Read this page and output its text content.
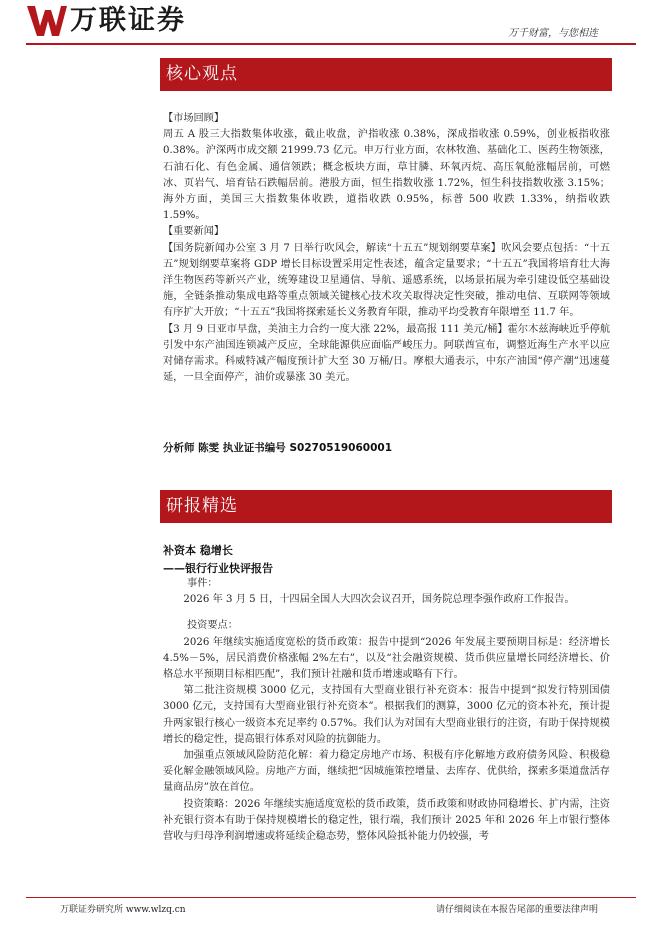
万联证券	万千财富，与您相连
核心观点

【市场回顾】

周五 A 股三大指数集体收涨，截止收盘，沪指收涨 0.38%，深成指收涨 0.59%，创业板指收涨 0.38%。沪深两市成交额 21999.73 亿元。申万行业方面，农林牧渔、基础化工、医药生物领涨，石油石化、有色金属、通信领跌；概念板块方面，草甘膦、环氧丙烷、高压氧舱涨幅居前，可燃冰、页岩气、培育钻石跌幅居前。港股方面，恒生指数收涨 1.72%，恒生科技指数收涨 3.15%；海外方面，美国三大指数集体收跌，道指收跌 0.95%，标普 500 收跌 1.33%，纳指收跌 1.59%。

【重要新闻】

【国务院新闻办公室 3 月 7 日举行吹风会，解读“十五五”规划纲要草案】吹风会要点包括：“十五五”规划纲要草案将 GDP 增长目标设置采用定性表述，蕴含定量要求；“十五五”我国将培育壮大海洋生物医药等新兴产业，统筹建设卫星通信、导航、遥感系统，以场景拓展为牵引建设低空基础设施，全链条推动集成电路等重点领域关键核心技术攻关取得决定性突破，推动电信、互联网等领域有序扩大开放；“十五五”我国将探索延长义务教育年限，推动平均受教育年限增至 11.7 年。

【3 月 9 日亚市早盘，美油主力合约一度大涨 22%，最高报 111 美元/桶】霍尔木兹海峡近乎停航引发中东产油国连锁减产反应，全球能源供应面临严峻压力。阿联酋宣布，调整近海生产水平以应对储存需求。科威特减产幅度预计扩大至 30 万桶/日。摩根大通表示，中东产油国“停产潮”迅速蔓延，一旦全面停产，油价或暴涨 30 美元。

分析师 陈雯 执业证书编号 S0270519060001
研报精选
补资本 稳增长
——银行行业快评报告

事件：

2026 年 3 月 5 日，十四届全国人大四次会议召开，国务院总理李强作政府工作报告。

投资要点：

2026 年继续实施适度宽松的货币政策：报告中提到“2026 年发展主要预期目标是：经济增长 4.5%－5%，居民消费价格涨幅 2%左右”，以及“社会融资规模、货币供应量增长同经济增长、价格总水平预期目标相匹配”，我们预计社融和货币增速或略有下行。

第二批注资规模 3000 亿元，支持国有大型商业银行补充资本：报告中提到“拟发行特别国债 3000 亿元，支持国有大型商业银行补充资本”。根据我们的测算，3000 亿元的资本补充，预计提升两家银行核心一级资本充足率约 0.57%。我们认为对国有大型商业银行的注资，有助于保持规模增长的稳定性，提高银行体系对风险的抗御能力。

加强重点领域风险防范化解：着力稳定房地产市场、积极有序化解地方政府债务风险、积极稳妥化解金融领域风险。房地产方面，继续把“因城施策控增量、去库存、优供给，探索多渠道盘活存量商品房”放在首位。

投资策略：2026 年继续实施适度宽松的货币政策，货币政策和财政协同稳增长、扩内需，注资补充银行资本有助于保持规模增长的稳定性，银行端，我们预计 2025 年和 2026 年上市银行整体营收与归母净利润增速或将延续企稳态势，整体风险抵补能力仍较强，考

万联证券研究所 www.wlzq.cn	请仔细阅读在本报告尾部的重要法律声明
